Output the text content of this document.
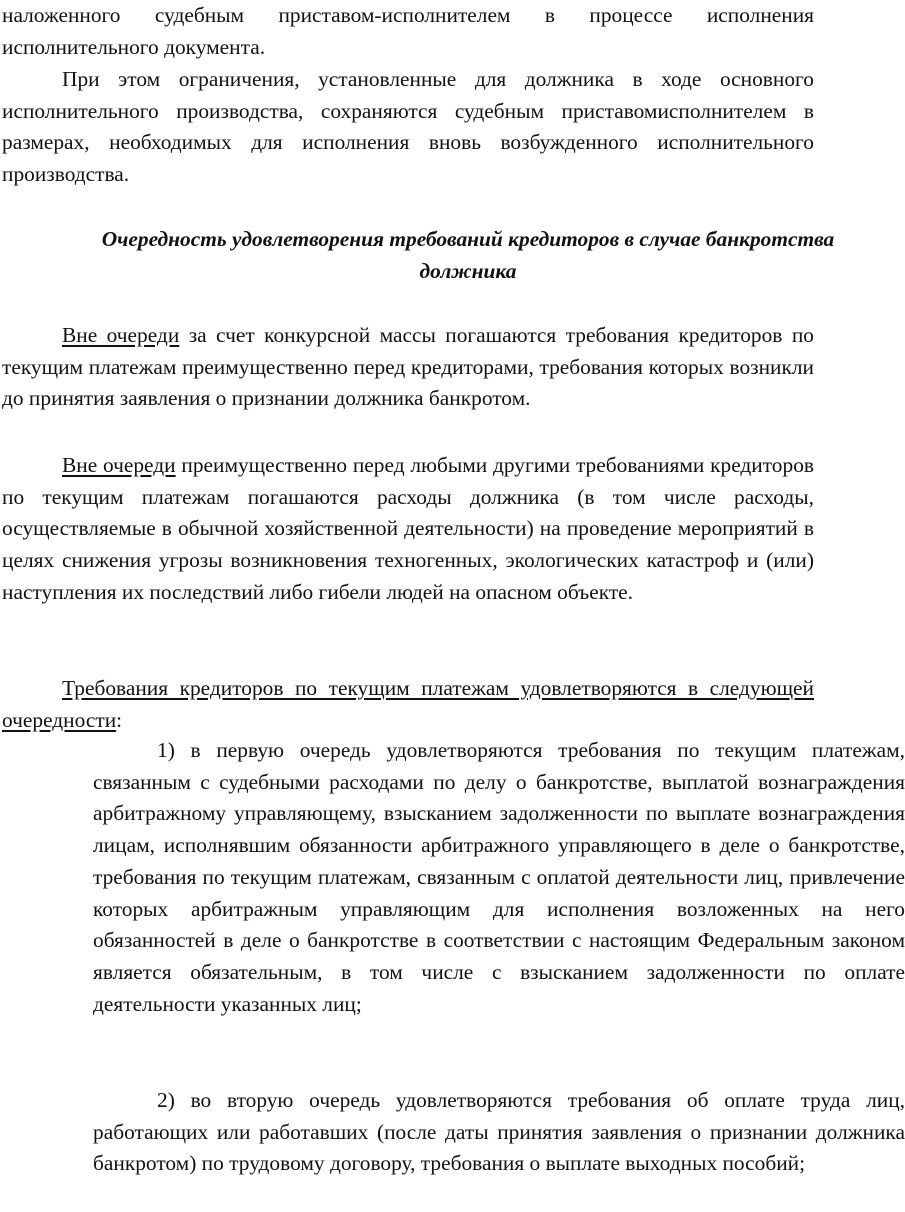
наложенного судебным приставом-исполнителем в процессе исполнения исполнительного документа.

При этом ограничения, установленные для должника в ходе основного исполнительного производства, сохраняются судебным приставомисполнителем в размерах, необходимых для исполнения вновь возбужденного исполнительного производства.

Очередность удовлетворения требований кредиторов в случае банкротства должника

Вне очереди за счет конкурсной массы погашаются требования кредиторов по текущим платежам преимущественно перед кредиторами, требования которых возникли до принятия заявления о признании должника банкротом.

Вне очереди преимущественно перед любыми другими требованиями кредиторов по текущим платежам погашаются расходы должника (в том числе расходы, осуществляемые в обычной хозяйственной деятельности) на проведение мероприятий в целях снижения угрозы возникновения техногенных, экологических катастроф и (или) наступления их последствий либо гибели людей на опасном объекте.

Требования кредиторов по текущим платежам удовлетворяются в следующей очередности:

1) в первую очередь удовлетворяются требования по текущим платежам, связанным с судебными расходами по делу о банкротстве, выплатой вознаграждения арбитражному управляющему, взысканием задолженности по выплате вознаграждения лицам, исполнявшим обязанности арбитражного управляющего в деле о банкротстве, требования по текущим платежам, связанным с оплатой деятельности лиц, привлечение которых арбитражным управляющим для исполнения возложенных на него обязанностей в деле о банкротстве в соответствии с настоящим Федеральным законом является обязательным, в том числе с взысканием задолженности по оплате деятельности указанных лиц;

2) во вторую очередь удовлетворяются требования об оплате труда лиц, работающих или работавших (после даты принятия заявления о признании должника банкротом) по трудовому договору, требования о выплате выходных пособий;
